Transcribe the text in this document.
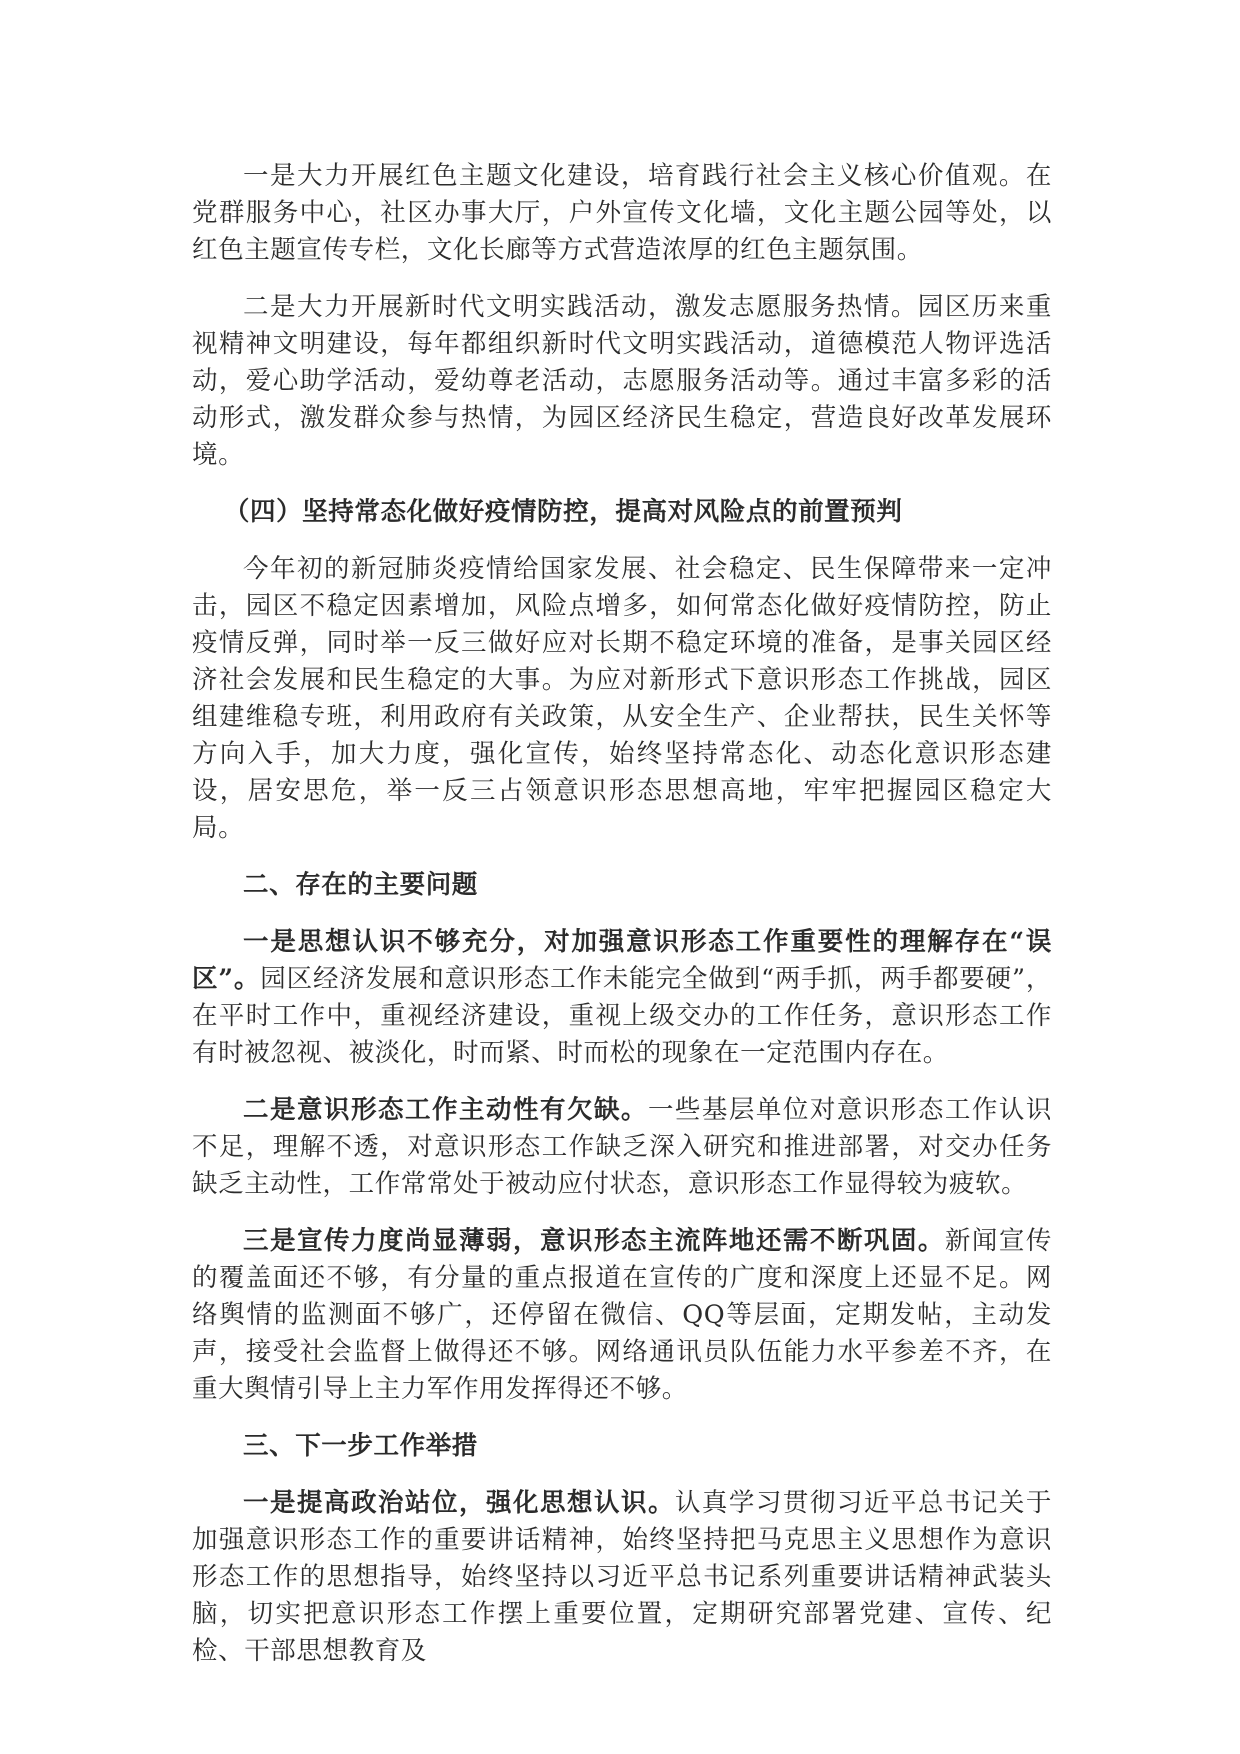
一是大力开展红色主题文化建设，培育践行社会主义核心价值观。在党群服务中心，社区办事大厅，户外宣传文化墙，文化主题公园等处，以红色主题宣传专栏，文化长廊等方式营造浓厚的红色主题氛围。

二是大力开展新时代文明实践活动，激发志愿服务热情。园区历来重视精神文明建设，每年都组织新时代文明实践活动，道德模范人物评选活动，爱心助学活动，爱幼尊老活动，志愿服务活动等。通过丰富多彩的活动形式，激发群众参与热情，为园区经济民生稳定，营造良好改革发展环境。

（四）坚持常态化做好疫情防控，提高对风险点的前置预判

今年初的新冠肺炎疫情给国家发展、社会稳定、民生保障带来一定冲击，园区不稳定因素增加，风险点增多，如何常态化做好疫情防控，防止疫情反弹，同时举一反三做好应对长期不稳定环境的准备，是事关园区经济社会发展和民生稳定的大事。为应对新形式下意识形态工作挑战，园区组建维稳专班，利用政府有关政策，从安全生产、企业帮扶，民生关怀等方向入手，加大力度，强化宣传，始终坚持常态化、动态化意识形态建设，居安思危，举一反三占领意识形态思想高地，牢牢把握园区稳定大局。

二、存在的主要问题

一是思想认识不够充分，对加强意识形态工作重要性的理解存在“误区”。园区经济发展和意识形态工作未能完全做到“两手抓，两手都要硬”，在平时工作中，重视经济建设，重视上级交办的工作任务，意识形态工作有时被忽视、被淡化，时而紧、时而松的现象在一定范围内存在。

二是意识形态工作主动性有欠缺。一些基层单位对意识形态工作认识不足，理解不透，对意识形态工作缺乏深入研究和推进部署，对交办任务缺乏主动性，工作常常处于被动应付状态，意识形态工作显得较为疲软。

三是宣传力度尚显薄弱，意识形态主流阵地还需不断巩固。新闻宣传的覆盖面还不够，有分量的重点报道在宣传的广度和深度上还显不足。网络舆情的监测面不够广，还停留在微信、QQ等层面，定期发帖，主动发声，接受社会监督上做得还不够。网络通讯员队伍能力水平参差不齐，在重大舆情引导上主力军作用发挥得还不够。

三、下一步工作举措

一是提高政治站位，强化思想认识。认真学习贯彻习近平总书记关于加强意识形态工作的重要讲话精神，始终坚持把马克思主义思想作为意识形态工作的思想指导，始终坚持以习近平总书记系列重要讲话精神武装头脑，切实把意识形态工作摆上重要位置，定期研究部署党建、宣传、纪检、干部思想教育及
